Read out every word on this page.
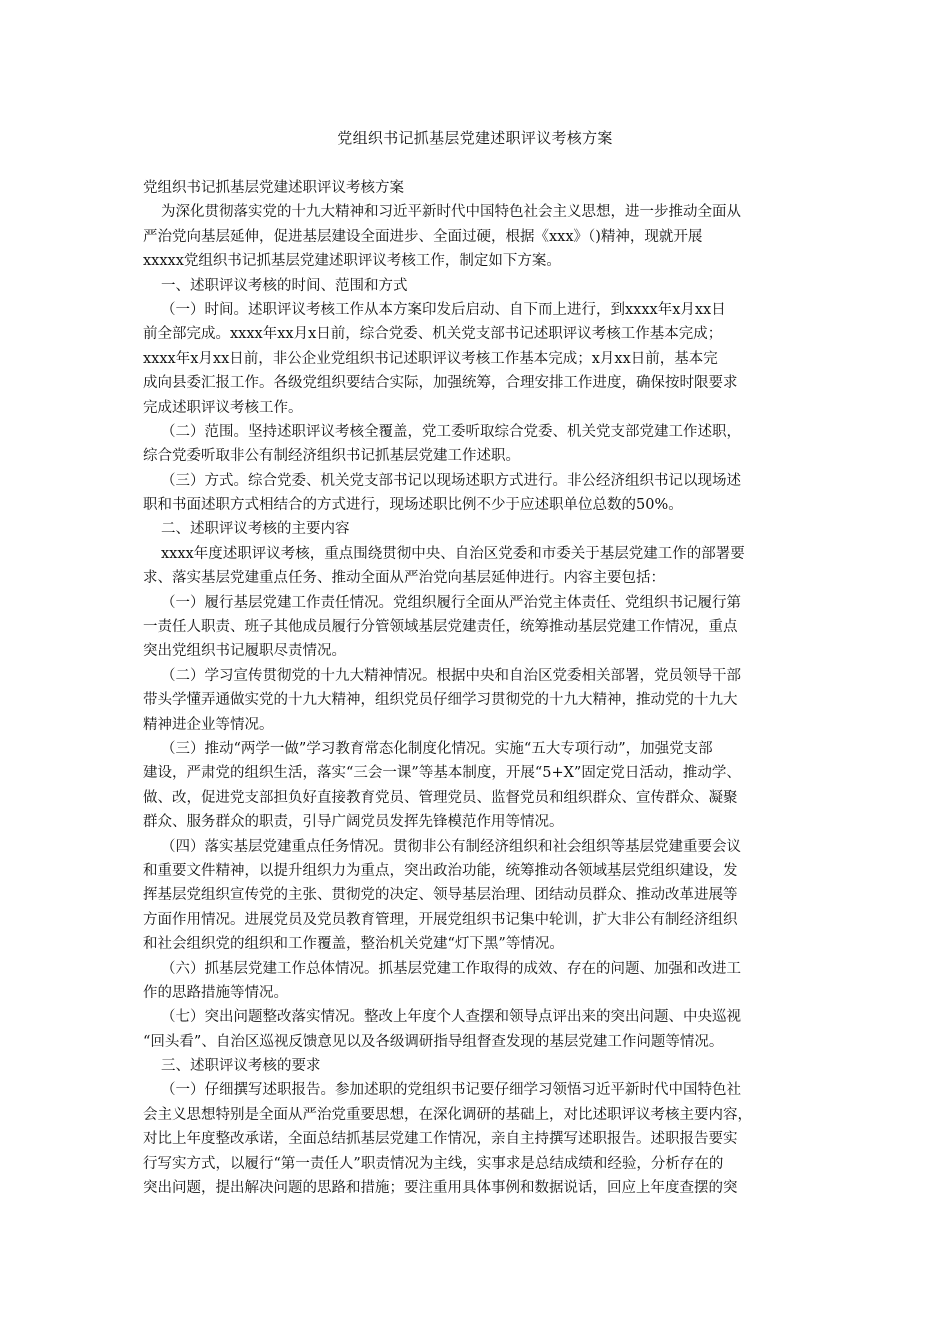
党组织书记抓基层党建述职评议考核方案
党组织书记抓基层党建述职评议考核方案
为深化贯彻落实党的十九大精神和习近平新时代中国特色社会主义思想，进一步推动全面从
严治党向基层延伸，促进基层建设全面进步、全面过硬，根据《xxx》（)精神，现就开展
xxxxx党组织书记抓基层党建述职评议考核工作，制定如下方案。
一、述职评议考核的时间、范围和方式
（一）时间。述职评议考核工作从本方案印发后启动、自下而上进行，到xxxx年x月xx日
前全部完成。xxxx年xx月x日前，综合党委、机关党支部书记述职评议考核工作基本完成；
xxxx年x月xx日前，非公企业党组织书记述职评议考核工作基本完成；x月xx日前，基本完
成向县委汇报工作。各级党组织要结合实际，加强统筹，合理安排工作进度，确保按时限要求
完成述职评议考核工作。
（二）范围。坚持述职评议考核全覆盖，党工委听取综合党委、机关党支部党建工作述职，
综合党委听取非公有制经济组织书记抓基层党建工作述职。
（三）方式。综合党委、机关党支部书记以现场述职方式进行。非公经济组织书记以现场述
职和书面述职方式相结合的方式进行，现场述职比例不少于应述职单位总数的50%。
二、述职评议考核的主要内容
xxxx年度述职评议考核，重点围绕贯彻中央、自治区党委和市委关于基层党建工作的部署要
求、落实基层党建重点任务、推动全面从严治党向基层延伸进行。内容主要包括：
（一）履行基层党建工作责任情况。党组织履行全面从严治党主体责任、党组织书记履行第
一责任人职责、班子其他成员履行分管领域基层党建责任，统筹推动基层党建工作情况，重点
突出党组织书记履职尽责情况。
（二）学习宣传贯彻党的十九大精神情况。根据中央和自治区党委相关部署，党员领导干部
带头学懂弄通做实党的十九大精神，组织党员仔细学习贯彻党的十九大精神，推动党的十九大
精神进企业等情况。
（三）推动“两学一做”学习教育常态化制度化情况。实施“五大专项行动”，加强党支部
建设，严肃党的组织生活，落实“三会一课”等基本制度，开展“5+X”固定党日活动，推动学、
做、改，促进党支部担负好直接教育党员、管理党员、监督党员和组织群众、宣传群众、凝聚
群众、服务群众的职责，引导广阔党员发挥先锋模范作用等情况。
（四）落实基层党建重点任务情况。贯彻非公有制经济组织和社会组织等基层党建重要会议
和重要文件精神，以提升组织力为重点，突出政治功能，统筹推动各领域基层党组织建设，发
挥基层党组织宣传党的主张、贯彻党的决定、领导基层治理、团结动员群众、推动改革进展等
方面作用情况。进展党员及党员教育管理，开展党组织书记集中轮训，扩大非公有制经济组织
和社会组织党的组织和工作覆盖，整治机关党建“灯下黑”等情况。
（六）抓基层党建工作总体情况。抓基层党建工作取得的成效、存在的问题、加强和改进工
作的思路措施等情况。
（七）突出问题整改落实情况。整改上年度个人查摆和领导点评出来的突出问题、中央巡视
“回头看”、自治区巡视反馈意见以及各级调研指导组督查发现的基层党建工作问题等情况。
三、述职评议考核的要求
（一）仔细撰写述职报告。参加述职的党组织书记要仔细学习领悟习近平新时代中国特色社
会主义思想特别是全面从严治党重要思想，在深化调研的基础上，对比述职评议考核主要内容，
对比上年度整改承诺，全面总结抓基层党建工作情况，亲自主持撰写述职报告。述职报告要实
行写实方式，以履行“第一责任人”职责情况为主线，实事求是总结成绩和经验，分析存在的
突出问题，提出解决问题的思路和措施；要注重用具体事例和数据说话，回应上年度查摆的突
